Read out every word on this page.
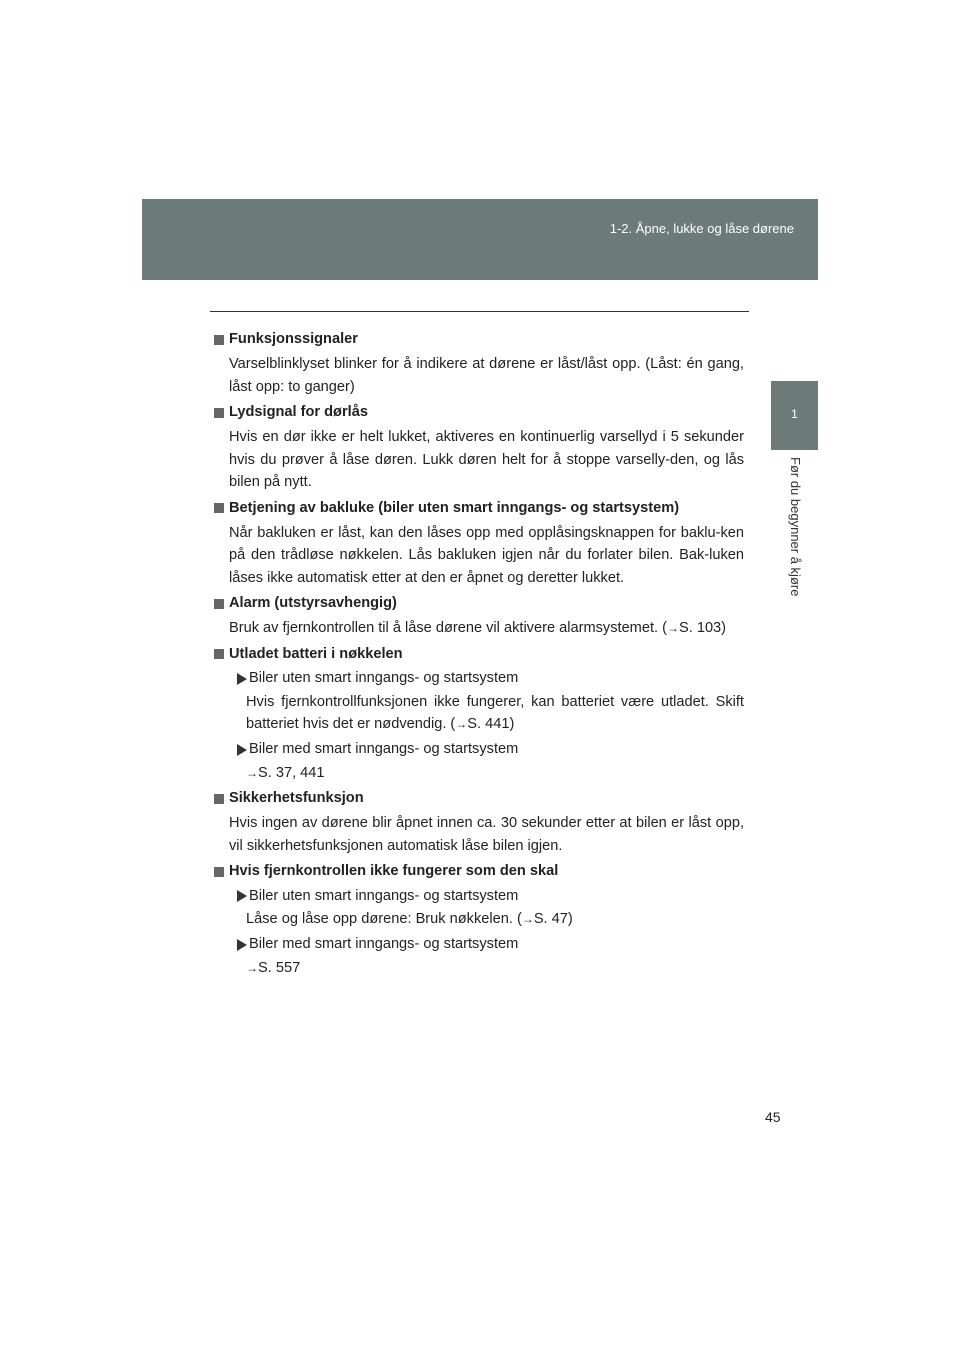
1-2. Åpne, lukke og låse dørene
1
Før du begynner å kjøre
Funksjonssignaler
Varselblinklyset blinker for å indikere at dørene er låst/låst opp. (Låst: én gang, låst opp: to ganger)
Lydsignal for dørlås
Hvis en dør ikke er helt lukket, aktiveres en kontinuerlig varsellyd i 5 sekunder hvis du prøver å låse døren. Lukk døren helt for å stoppe varselly-den, og lås bilen på nytt.
Betjening av bakluke (biler uten smart inngangs- og startsystem)
Når bakluken er låst, kan den låses opp med opplåsingsknappen for baklu-ken på den trådløse nøkkelen. Lås bakluken igjen når du forlater bilen. Bak-luken låses ikke automatisk etter at den er åpnet og deretter lukket.
Alarm (utstyrsavhengig)
Bruk av fjernkontrollen til å låse dørene vil aktivere alarmsystemet. (→S. 103)
Utladet batteri i nøkkelen
Biler uten smart inngangs- og startsystem
Hvis fjernkontrollfunksjonen ikke fungerer, kan batteriet være utladet. Skift batteriet hvis det er nødvendig. (→S. 441)
Biler med smart inngangs- og startsystem
→S. 37, 441
Sikkerhetsfunksjon
Hvis ingen av dørene blir åpnet innen ca. 30 sekunder etter at bilen er låst opp, vil sikkerhetsfunksjonen automatisk låse bilen igjen.
Hvis fjernkontrollen ikke fungerer som den skal
Biler uten smart inngangs- og startsystem
Låse og låse opp dørene: Bruk nøkkelen. (→S. 47)
Biler med smart inngangs- og startsystem
→S. 557
45
